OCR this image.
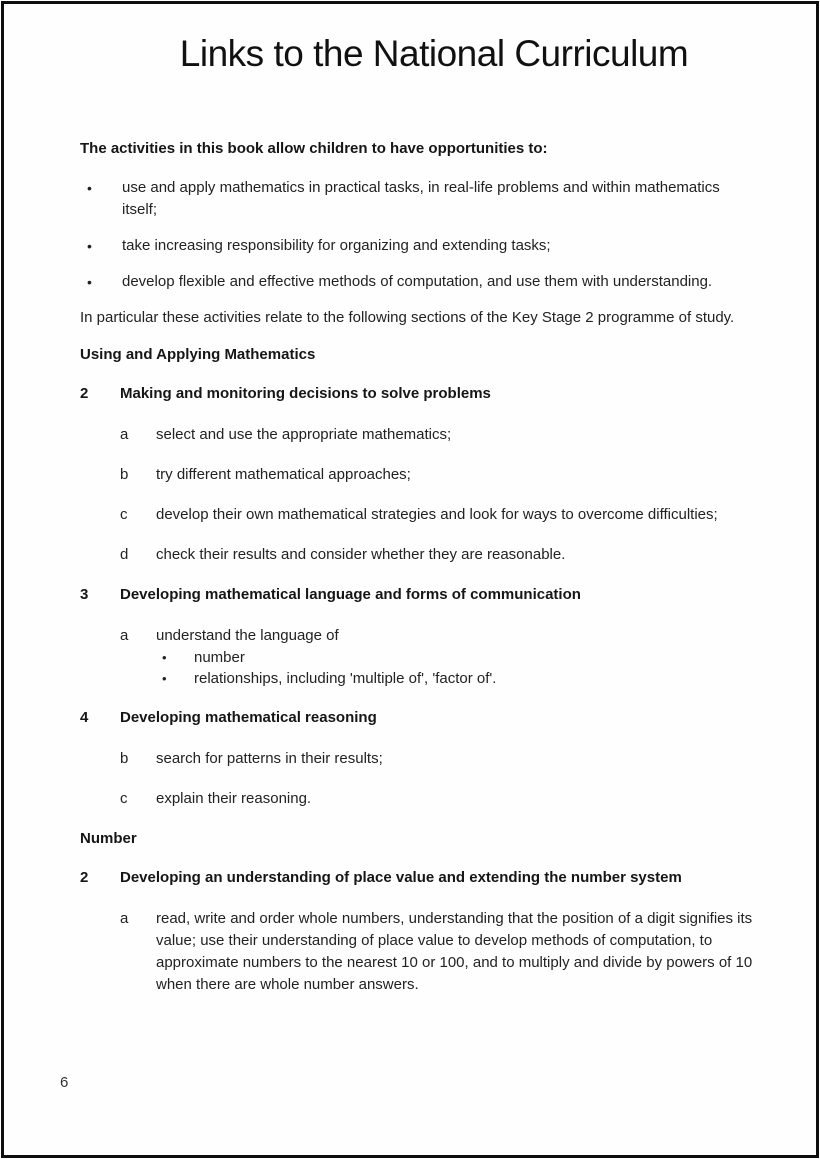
Links to the National Curriculum

The activities in this book allow children to have opportunities to:

•
use and apply mathematics in practical tasks, in real-life problems and within mathematics itself;
•
take increasing responsibility for organizing and extending tasks;
•
develop flexible and effective methods of computation, and use them with understanding.

In particular these activities relate to the following sections of the Key Stage 2 programme of study.

Using and Applying Mathematics

2	Making and monitoring decisions to solve problems
a	select and use the appropriate mathematics;
b	try different mathematical approaches;
c	develop their own mathematical strategies and look for ways to overcome difficulties;
d	check their results and consider whether they are reasonable.
3	Developing mathematical language and forms of communication
a	understand the language of
•
number
•
relationships, including 'multiple of', 'factor of'.
4	Developing mathematical reasoning
b	search for patterns in their results;
c	explain their reasoning.

Number

2	Developing an understanding of place value and extending the number system
a	read, write and order whole numbers, understanding that the position of a digit signifies its value; use their understanding of place value to develop methods of computation, to approximate numbers to the nearest 10 or 100, and to multiply and divide by powers of 10 when there are whole number answers.
6
